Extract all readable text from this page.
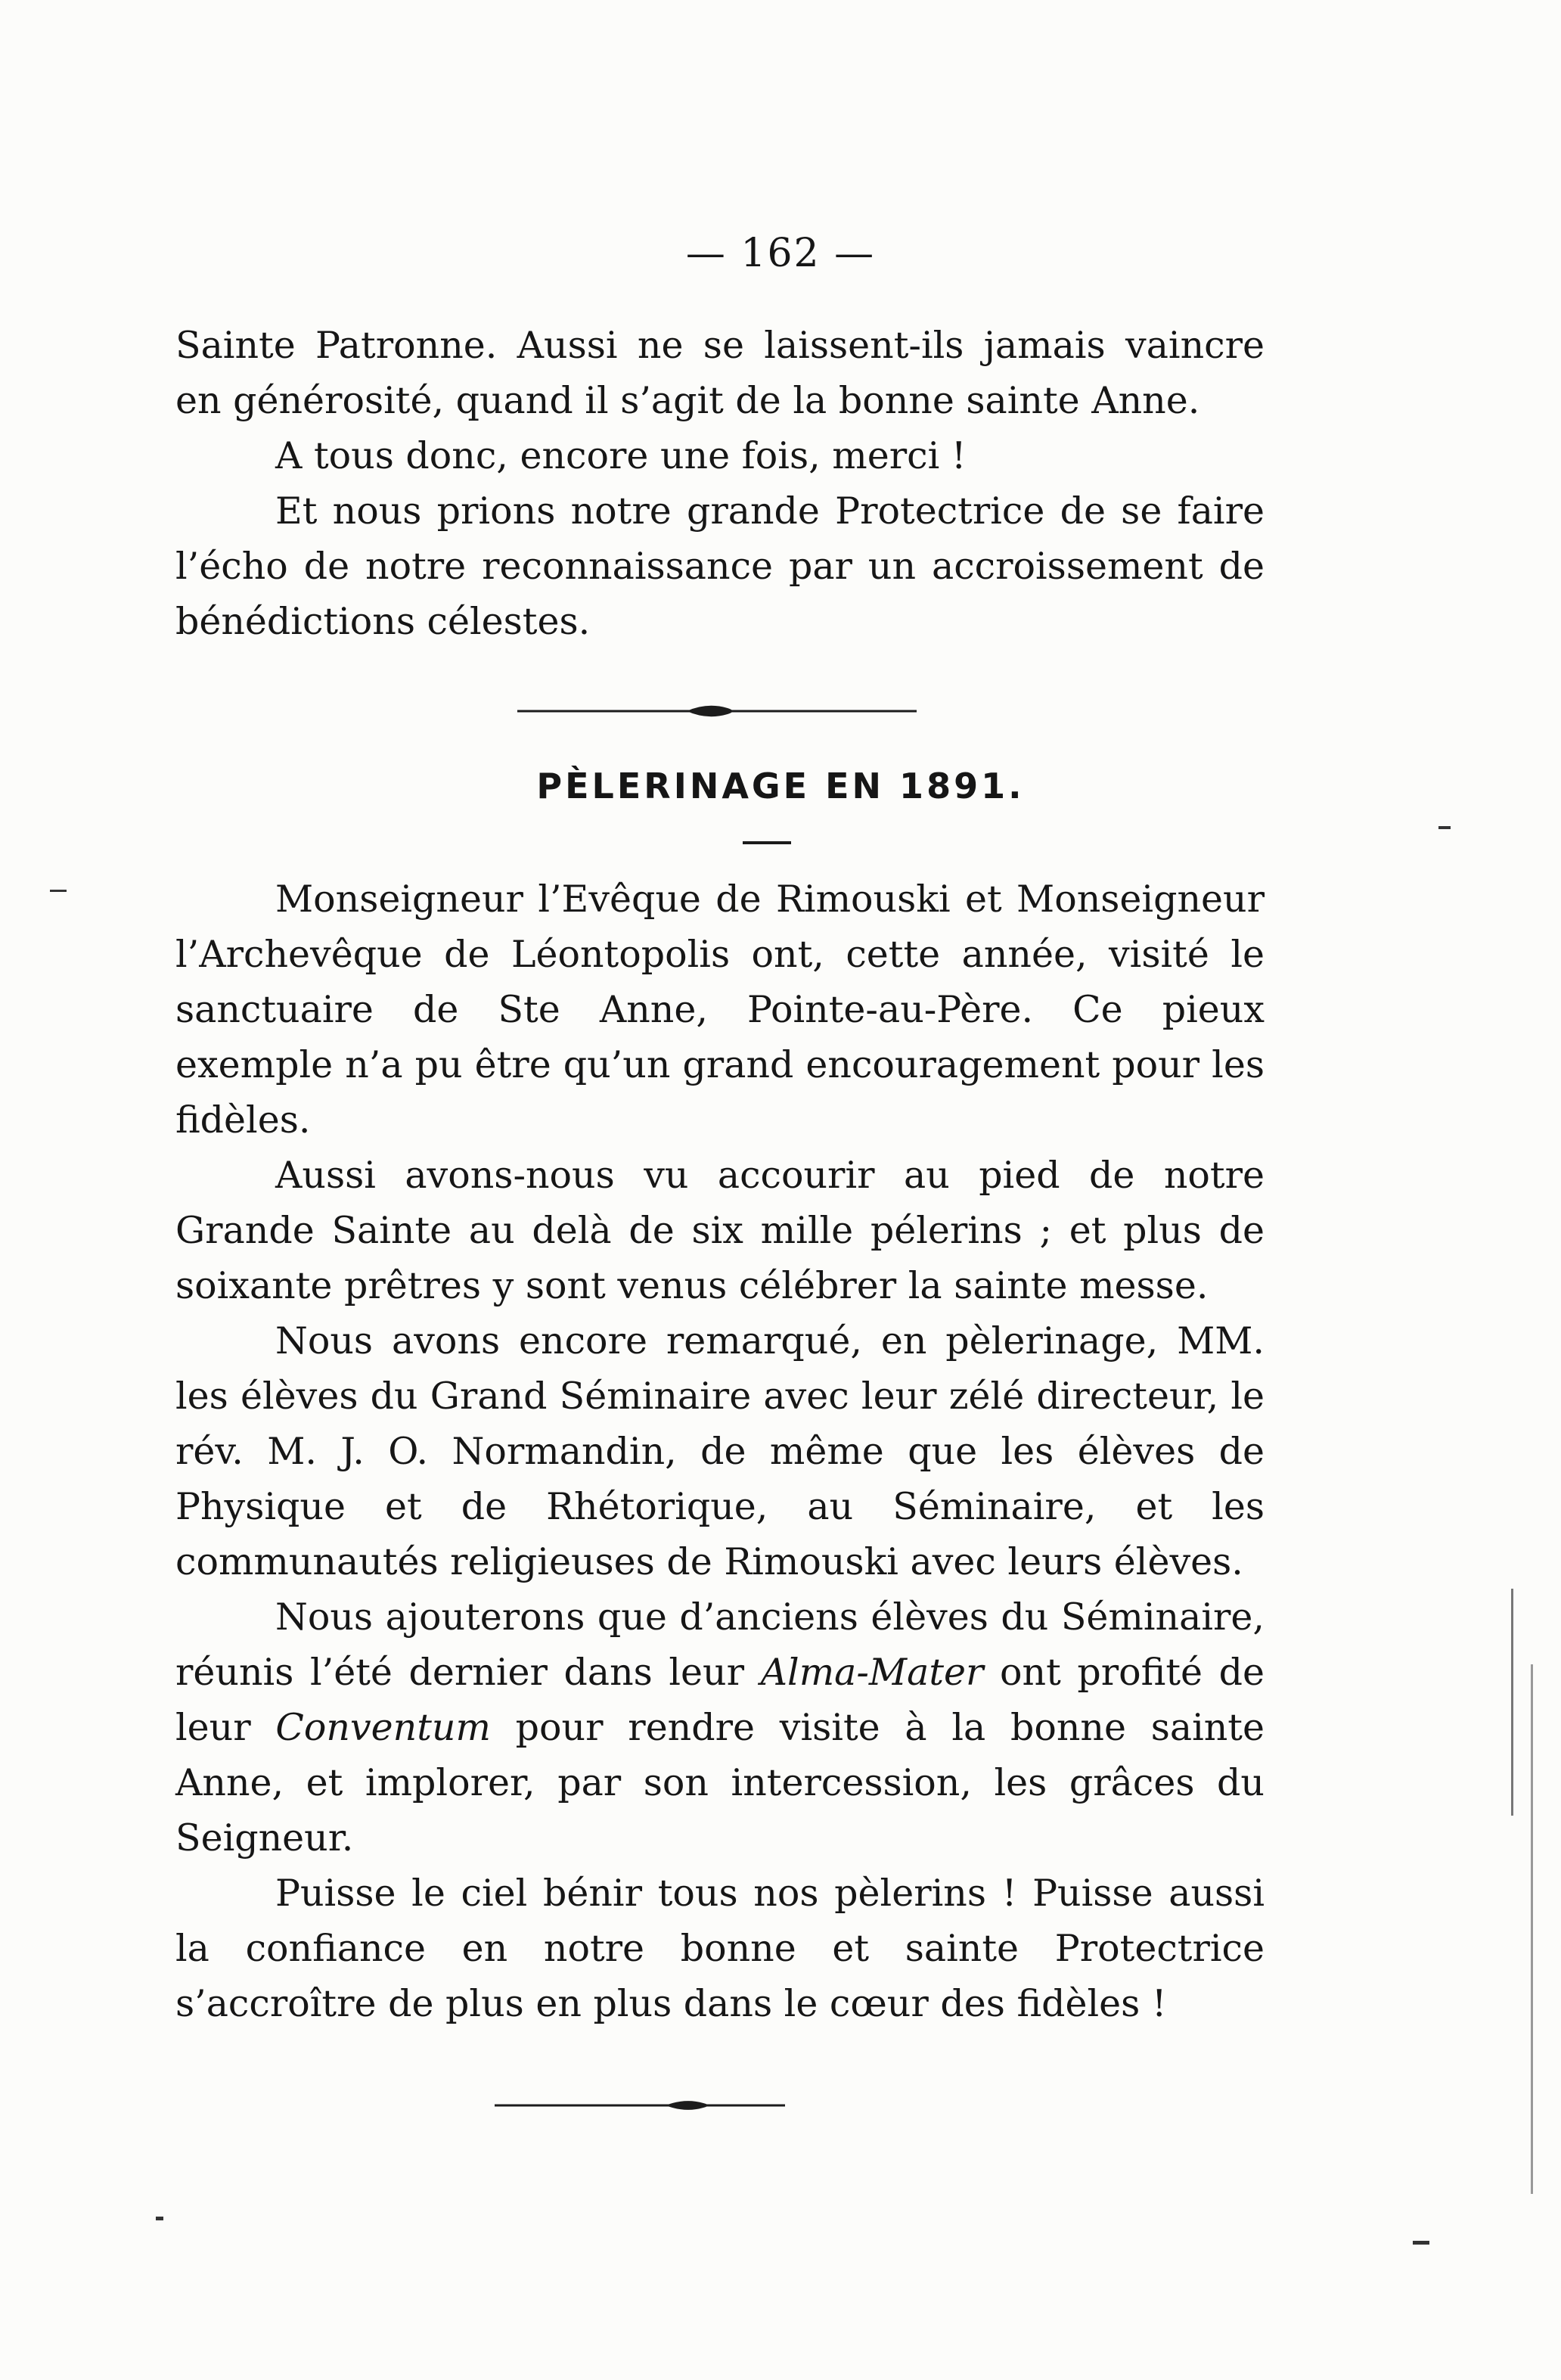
— 162 —

Sainte Patronne. Aussi ne se laissent-ils jamais vaincre en générosité, quand il s’agit de la bonne sainte Anne.

A tous donc, encore une fois, merci !

Et nous prions notre grande Protectrice de se faire l’écho de notre reconnaissance par un accroissement de bénédictions célestes.

PÈLERINAGE EN 1891.

Monseigneur l’Evêque de Rimouski et Monseigneur l’Archevêque de Léontopolis ont, cette année, visité le sanctuaire de Ste Anne, Pointe-au-Père. Ce pieux exemple n’a pu être qu’un grand encouragement pour les fidèles.

Aussi avons-nous vu accourir au pied de notre Grande Sainte au delà de six mille pélerins ; et plus de soixante prêtres y sont venus célébrer la sainte messe.

Nous avons encore remarqué, en pèlerinage, MM. les élèves du Grand Séminaire avec leur zélé directeur, le rév. M. J. O. Normandin, de même que les élèves de Physique et de Rhétorique, au Séminaire, et les communautés religieuses de Rimouski avec leurs élèves.

Nous ajouterons que d’anciens élèves du Séminaire, réunis l’été dernier dans leur Alma-Mater ont profité de leur Conventum pour rendre visite à la bonne sainte Anne, et implorer, par son intercession, les grâces du Seigneur.

Puisse le ciel bénir tous nos pèlerins ! Puisse aussi la confiance en notre bonne et sainte Protectrice s’accroître de plus en plus dans le cœur des fidèles !
